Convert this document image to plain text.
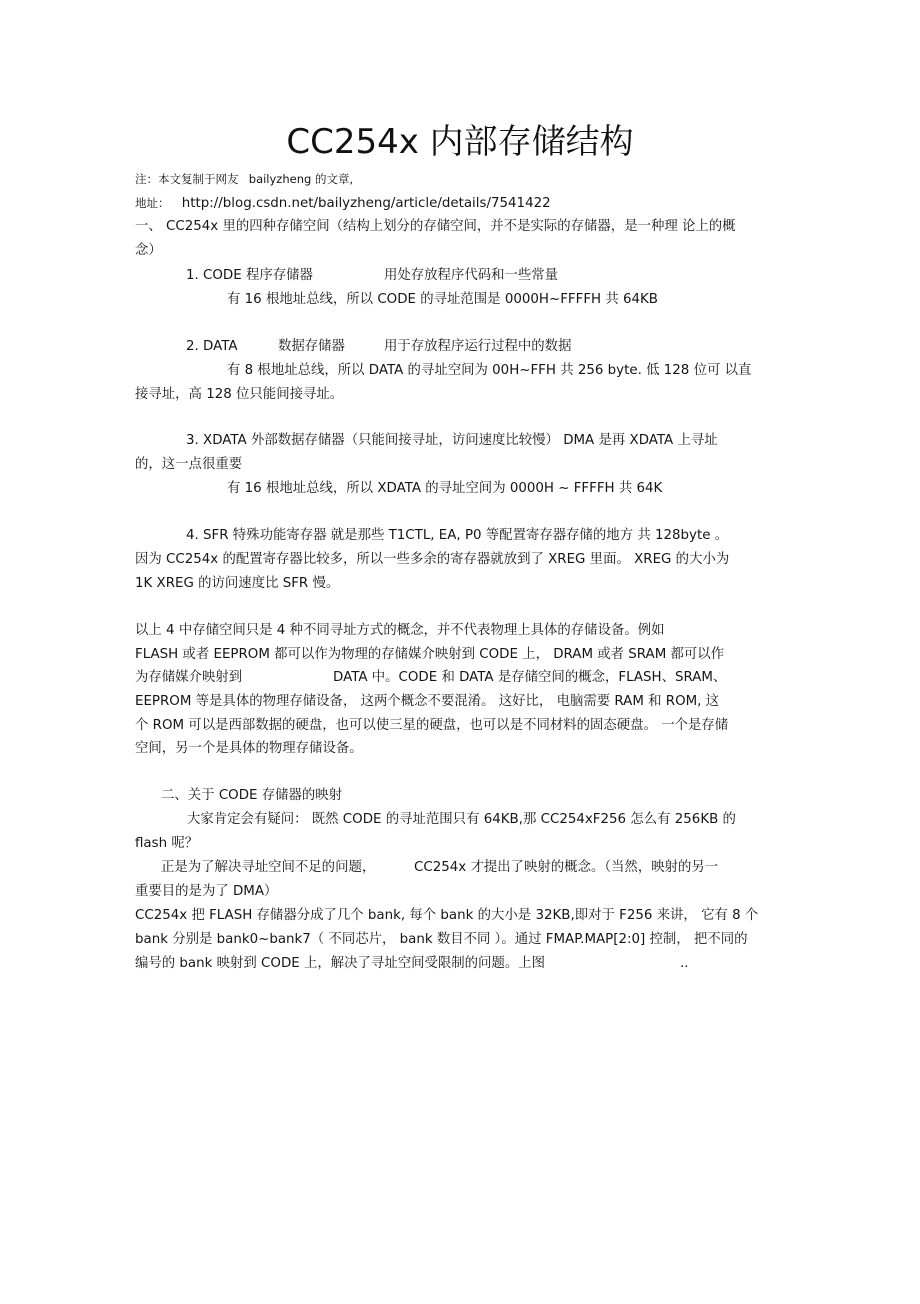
CC254x 内部存储结构
注：本文复制于网友 bailyzheng 的文章,
地址： http://blog.csdn.net/bailyzheng/article/details/7541422
一、 CC254x 里的四种存储空间（结构上划分的存储空间，并不是实际的存储器，是一种理 论上的概
念）
1. CODE 程序存储器	用处存放程序代码和一些常量
有 16 根地址总线，所以 CODE 的寻址范围是 0000H~FFFFH 共 64KB
2. DATA	数据存储器	用于存放程序运行过程中的数据
有 8 根地址总线，所以 DATA 的寻址空间为 00H~FFH 共 256 byte. 低 128 位可 以直
接寻址，高 128 位只能间接寻址。
3. XDATA 外部数据存储器（只能间接寻址，访问速度比较慢） DMA 是再 XDATA 上寻址
的，这一点很重要
有 16 根地址总线，所以 XDATA 的寻址空间为 0000H ~ FFFFH 共 64K
4. SFR 特殊功能寄存器 就是那些 T1CTL, EA, P0 等配置寄存器存储的地方 共 128byte 。
因为 CC254x 的配置寄存器比较多，所以一些多余的寄存器就放到了 XREG 里面。 XREG 的大小为
1K XREG 的访问速度比 SFR 慢。
以上 4 中存储空间只是 4 种不同寻址方式的概念，并不代表物理上具体的存储设备。例如
FLASH 或者 EEPROM 都可以作为物理的存储媒介映射到 CODE 上， DRAM 或者 SRAM 都可以作
为存储媒介映射到	DATA 中。CODE 和 DATA 是存储空间的概念，FLASH、SRAM、
EEPROM 等是具体的物理存储设备， 这两个概念不要混淆。 这好比， 电脑需要 RAM 和 ROM, 这
个 ROM 可以是西部数据的硬盘，也可以使三星的硬盘，也可以是不同材料的固态硬盘。 一个是存储
空间，另一个是具体的物理存储设备。
二、关于 CODE 存储器的映射
大家肯定会有疑问： 既然 CODE 的寻址范围只有 64KB,那 CC254xF256 怎么有 256KB 的
flash 呢？
正是为了解决寻址空间不足的问题，	CC254x 才提出了映射的概念。（当然，映射的另一
重要目的是为了 DMA）
CC254x 把 FLASH 存储器分成了几个 bank, 每个 bank 的大小是 32KB,即对于 F256 来讲， 它有 8 个
bank 分别是 bank0~bank7（ 不同芯片， bank 数目不同 ）。通过 FMAP.MAP[2:0] 控制， 把不同的
编号的 bank 映射到 CODE 上，解决了寻址空间受限制的问题。上图	..
